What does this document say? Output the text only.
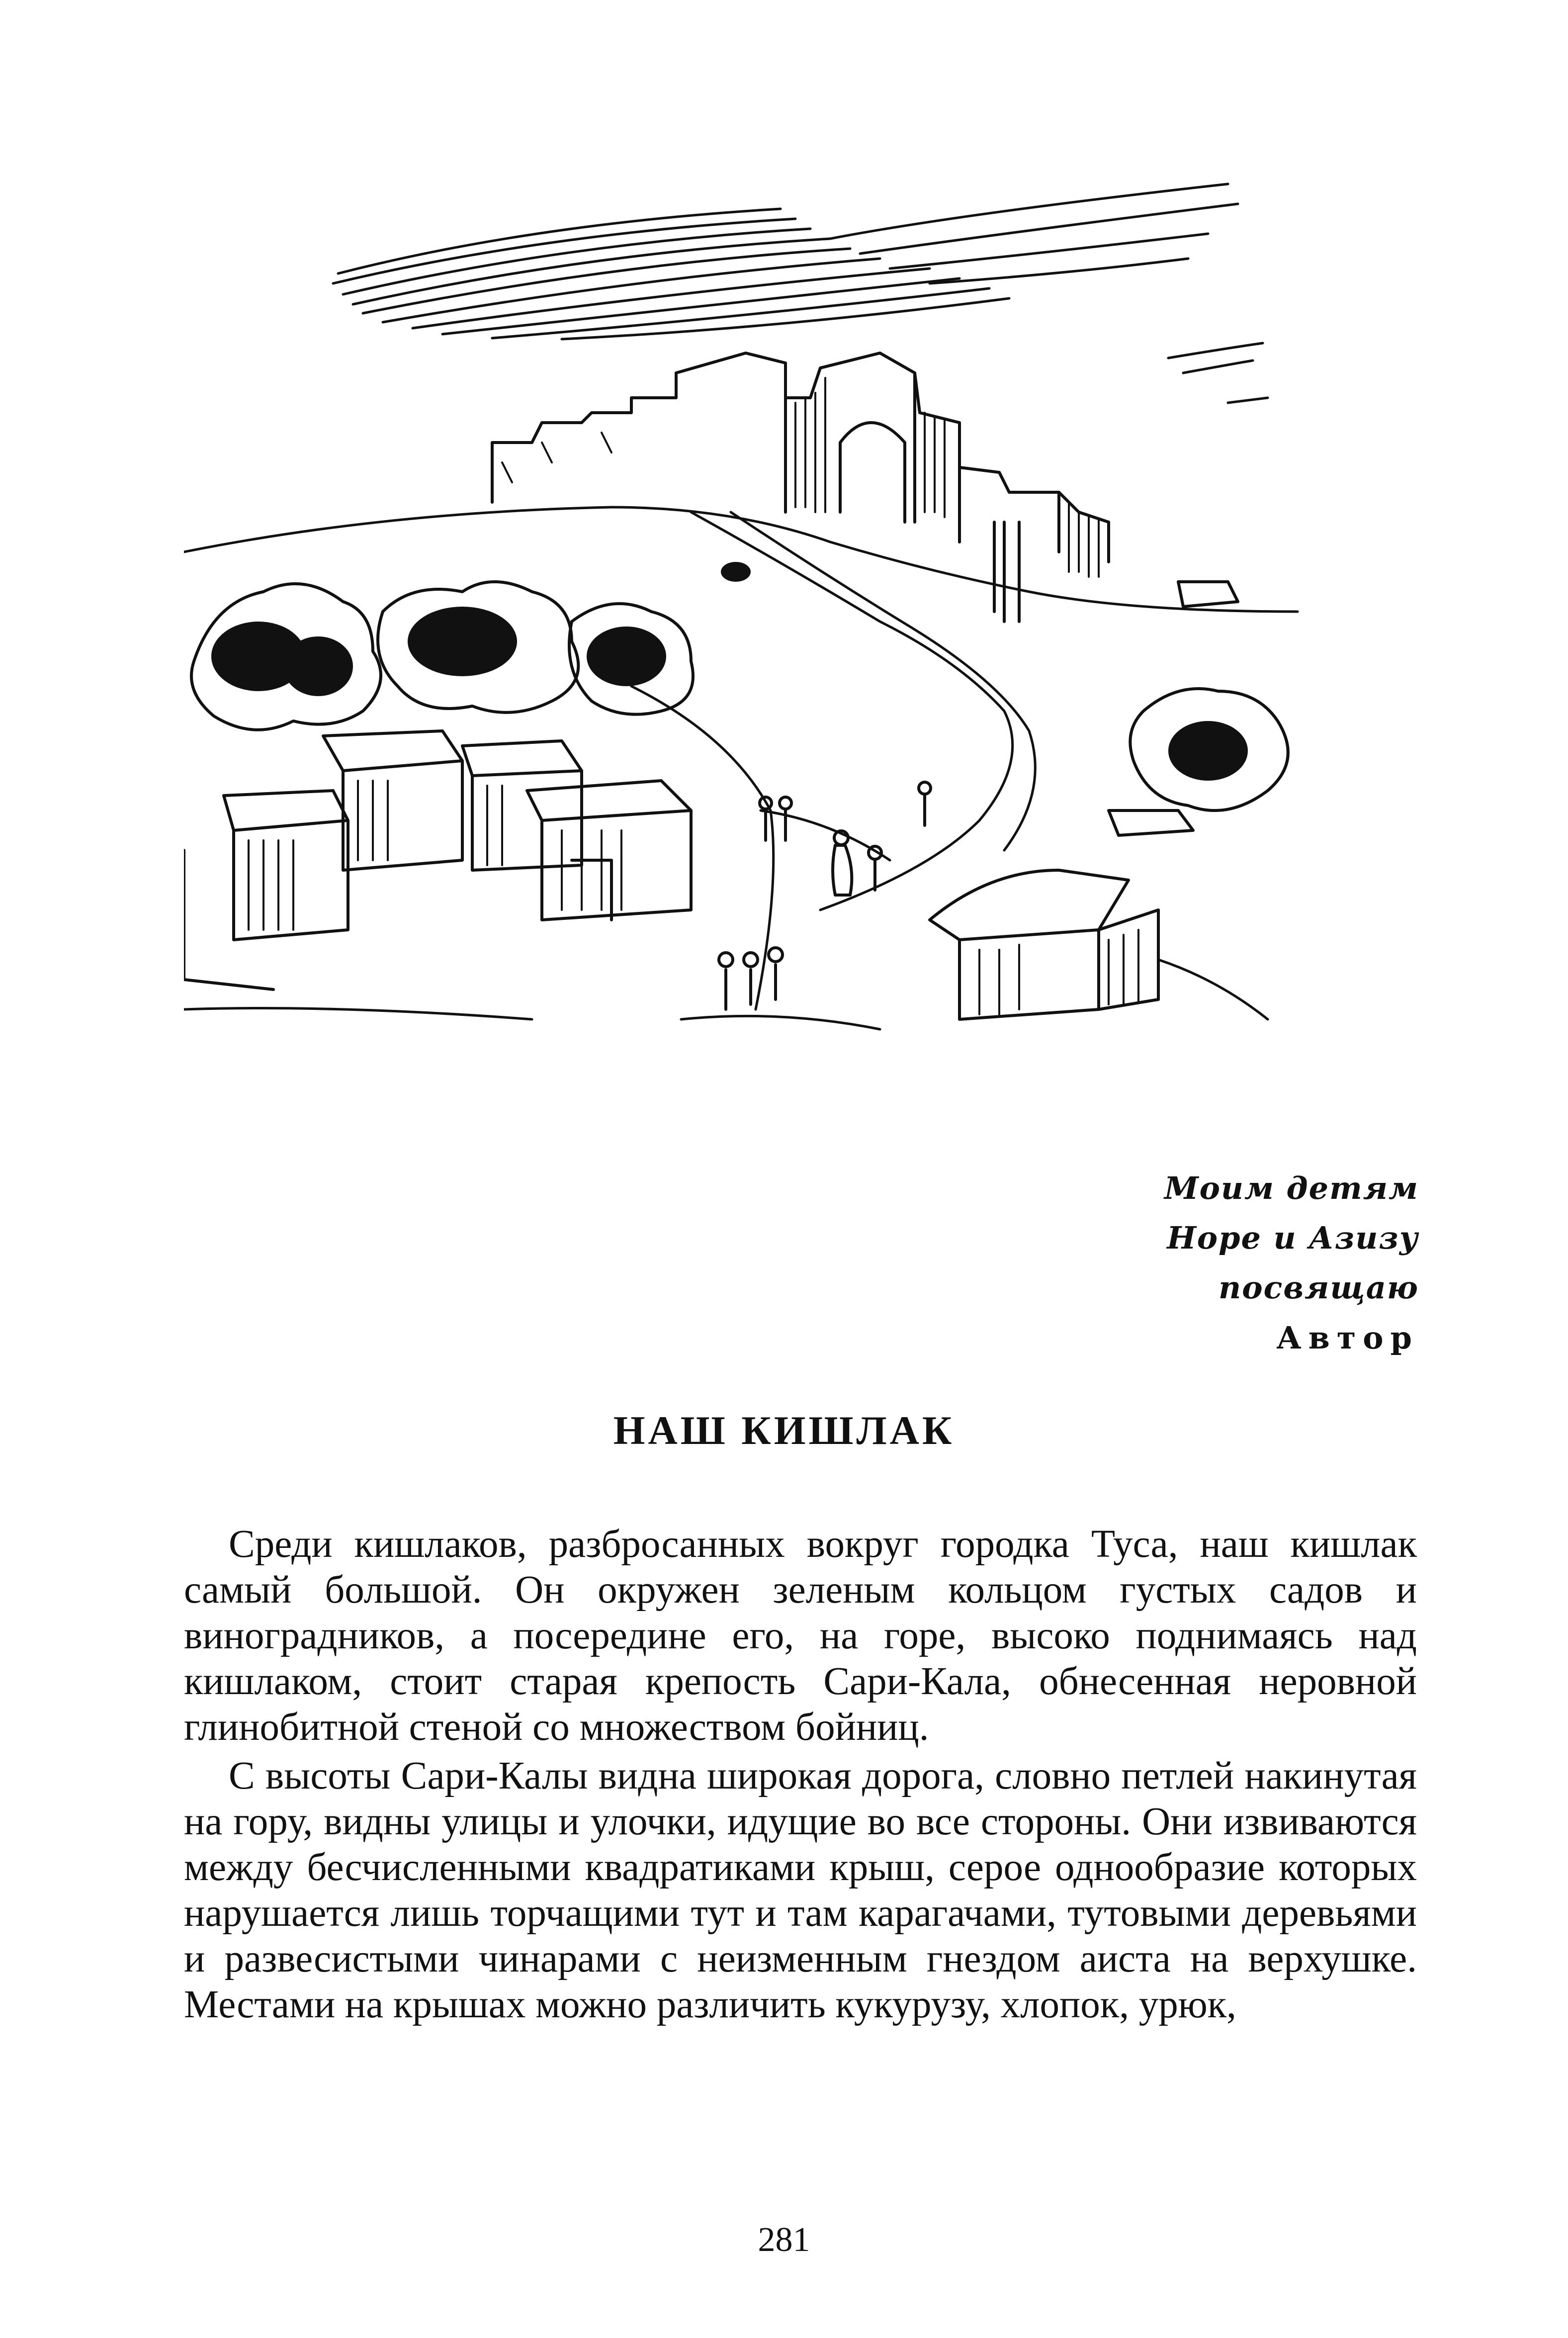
Моим детям
Норе и Азизу
посвящаю
Автор
НАШ КИШЛАК

Среди кишлаков, разбросанных вокруг городка Туса, наш кишлак самый большой. Он окружен зеленым кольцом густых садов и виноградников, а посередине его, на горе, высоко поднимаясь над кишлаком, стоит старая крепость Сари-Кала, обнесенная неровной глинобитной стеной со множеством бойниц.

С высоты Сари-Калы видна широкая дорога, словно петлей накинутая на гору, видны улицы и улочки, идущие во все стороны. Они извиваются между бесчисленными квадратиками крыш, серое однообразие которых нарушается лишь торчащими тут и там карагачами, тутовыми деревьями и развесистыми чинарами с неизменным гнездом аиста на верхушке. Местами на крышах можно различить кукурузу, хлопок, урюк,

281
